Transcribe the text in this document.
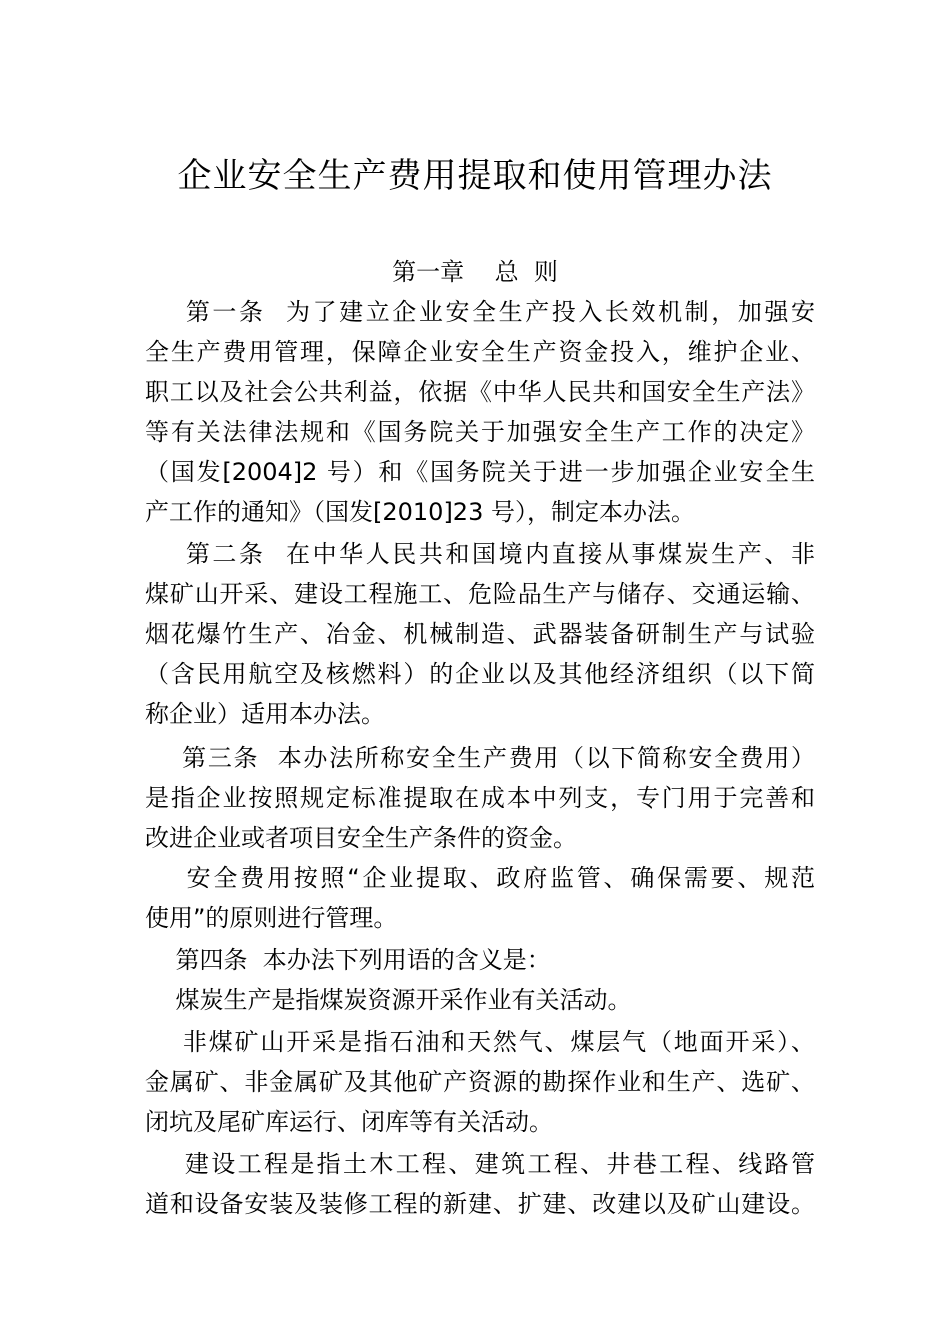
企业安全生产费用提取和使用管理办法
第一章    总  则
第一条  为了建立企业安全生产投入长效机制，加强安
全生产费用管理，保障企业安全生产资金投入，维护企业、
职工以及社会公共利益，依据《中华人民共和国安全生产法》
等有关法律法规和《国务院关于加强安全生产工作的决定》
（国发[2004]2 号）和《国务院关于进一步加强企业安全生
产工作的通知》（国发[2010]23 号），制定本办法。
第二条  在中华人民共和国境内直接从事煤炭生产、非
煤矿山开采、建设工程施工、危险品生产与储存、交通运输、
烟花爆竹生产、冶金、机械制造、武器装备研制生产与试验
（含民用航空及核燃料）的企业以及其他经济组织（以下简
称企业）适用本办法。
第三条  本办法所称安全生产费用（以下简称安全费用）
是指企业按照规定标准提取在成本中列支，专门用于完善和
改进企业或者项目安全生产条件的资金。
安全费用按照“企业提取、政府监管、确保需要、规范
使用”的原则进行管理。
第四条  本办法下列用语的含义是：
煤炭生产是指煤炭资源开采作业有关活动。
非煤矿山开采是指石油和天然气、煤层气（地面开采）、
金属矿、非金属矿及其他矿产资源的勘探作业和生产、选矿、
闭坑及尾矿库运行、闭库等有关活动。
建设工程是指土木工程、建筑工程、井巷工程、线路管
道和设备安装及装修工程的新建、扩建、改建以及矿山建设。
